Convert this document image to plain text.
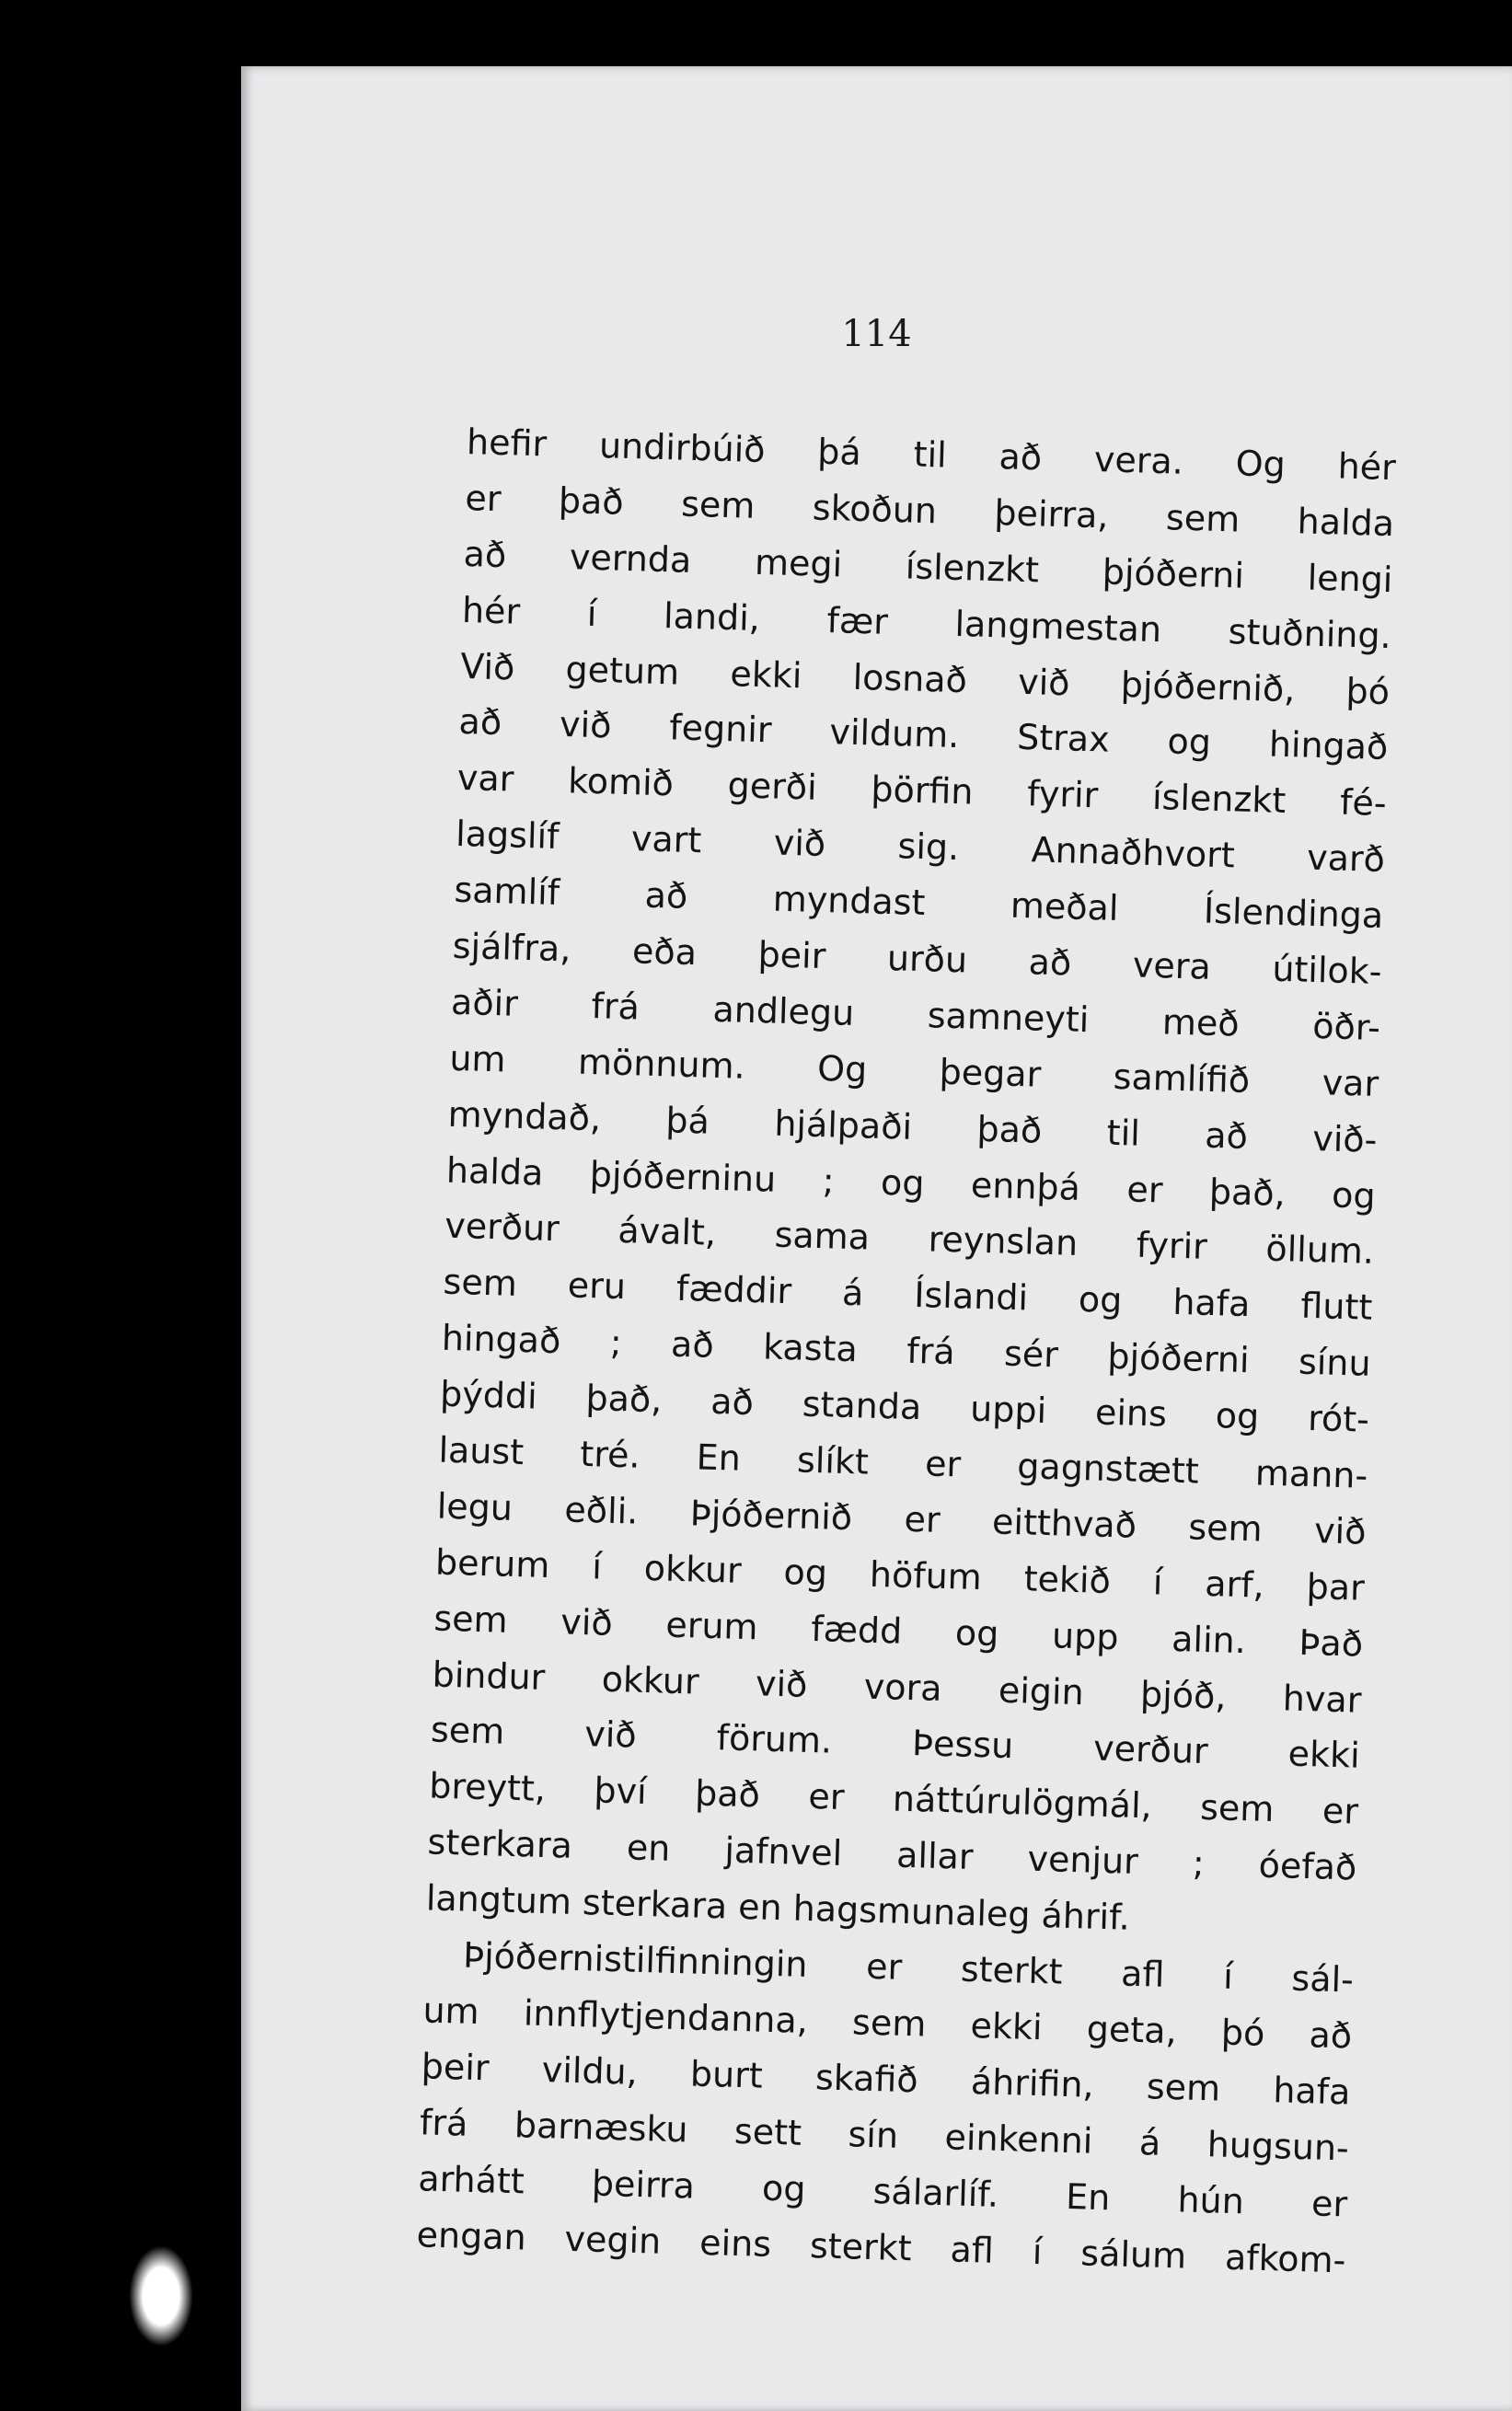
114
hefir undirbúið þá til að vera. Og hér
er það sem skoðun þeirra, sem halda
að vernda megi íslenzkt þjóðerni lengi
hér í landi, fær langmestan stuðning.
Við getum ekki losnað við þjóðernið, þó
að við fegnir vildum. Strax og hingað
var komið gerði þörfin fyrir íslenzkt fé-
lagslíf vart við sig. Annaðhvort varð
samlíf að myndast meðal Íslendinga
sjálfra, eða þeir urðu að vera útilok-
aðir frá andlegu samneyti með öðr-
um mönnum. Og þegar samlífið var
myndað, þá hjálpaði það til að við-
halda þjóðerninu ; og ennþá er það, og
verður ávalt, sama reynslan fyrir öllum.
sem eru fæddir á Íslandi og hafa flutt
hingað ; að kasta frá sér þjóðerni sínu
þýddi það, að standa uppi eins og rót-
laust tré. En slíkt er gagnstætt mann-
legu eðli. Þjóðernið er eitthvað sem við
berum í okkur og höfum tekið í arf, þar
sem við erum fædd og upp alin. Það
bindur okkur við vora eigin þjóð, hvar
sem við förum. Þessu verður ekki
breytt, því það er náttúrulögmál, sem er
sterkara en jafnvel allar venjur ; óefað
langtum sterkara en hagsmunaleg áhrif.
Þjóðernistilfinningin er sterkt afl í sál-
um innflytjendanna, sem ekki geta, þó að
þeir vildu, burt skafið áhrifin, sem hafa
frá barnæsku sett sín einkenni á hugsun-
arhátt þeirra og sálarlíf. En hún er
engan vegin eins sterkt afl í sálum afkom-
